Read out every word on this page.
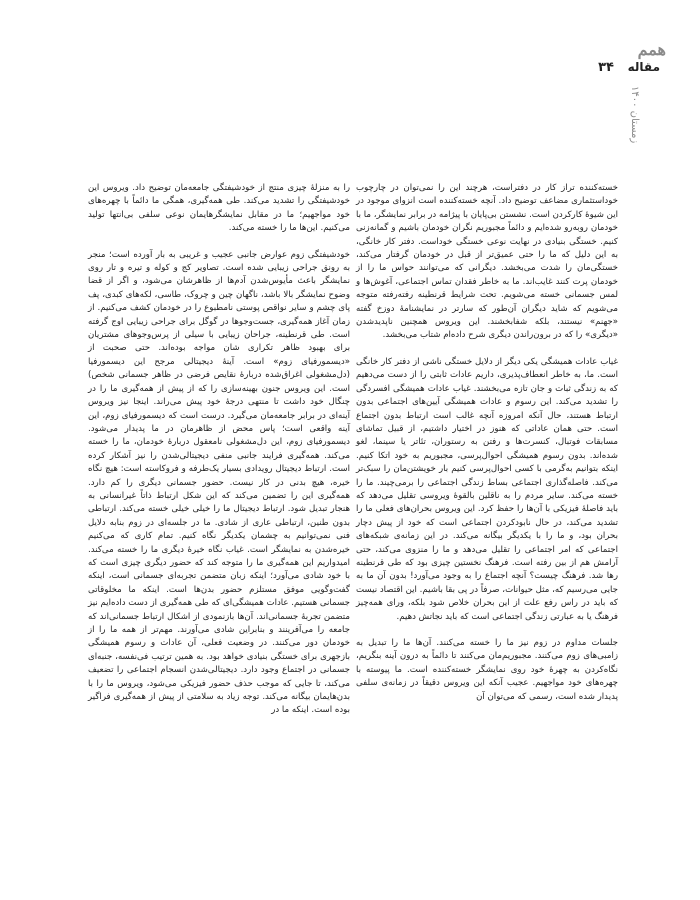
همم
۳۴ مقاله
زمستان ۱۴۰۰

خسته‌کننده تراز کار در دفتراست، هرچند این را نمی‌توان در چارچوب خوداستثماری مضاعف توضیح داد. آنچه خسته‌کننده است انزوای موجود در این شیوهٔ کارکردن است. نشستن بی‌پایان با پیژامه در برابر نمایشگر، ما با خودمان روبه‌رو شده‌ایم و دائماً مجبوریم نگران خودمان باشیم و گمانه‌زنی کنیم. خستگی بنیادی در نهایت نوعی خستگی خوداست. دفتر کار خانگی، به این دلیل که ما را حتی عمیق‌تر از قبل در خودمان گرفتار می‌کند، خستگی‌مان را شدت می‌بخشد. دیگرانی که می‌توانند حواس ما را از خودمان پرت کنند غایب‌اند. ما به خاطر فقدان تماس اجتماعی، آغوش‌ها و لمس جسمانی خسته می‌شویم. تحت شرایط قرنطینه رفته‌رفته متوجه می‌شویم که شاید دیگران آن‌طور که سارتر در نمایشنامهٔ دوزخ گفته «جهنم» نیستند، بلکه شفابخشند. این ویروس همچنین ناپدیدشدن «دیگری» را که در برون‌راندن دیگری شرح داده‌ام شتاب می‌بخشد.

غیاب عادات همیشگی یکی دیگر از دلایل خستگی ناشی از دفتر کار خانگی است. ما، به خاطر انعطاف‌پذیری، داریم عادات ثابتی را از دست می‌دهیم که به زندگی ثبات و جان تازه می‌بخشند. غیاب عادات همیشگی افسردگی را تشدید می‌کند. این رسوم و عادات همیشگی آیین‌های اجتماعی بدون ارتباط هستند، حال آنکه امروزه آنچه غالب است ارتباط بدون اجتماع است. حتی همان عاداتی که هنوز در اختیار داشتیم، از قبیل تماشای مسابقات فوتبال، کنسرت‌ها و رفتن به رستوران، تئاتر یا سینما، لغو شده‌اند. بدون رسوم همیشگی احوال‌پرسی، مجبوریم به خود اتکا کنیم. اینکه بتوانیم به‌گرمی با کسی احوال‌پرسی کنیم بار خویشتن‌مان را سبک‌تر می‌کند. فاصله‌گذاری اجتماعی بساط زندگی اجتماعی را برمی‌چیند. ما را خسته می‌کند. سایر مردم را به ناقلین بالقوهٔ ویروسی تقلیل می‌دهد که باید فاصلهٔ فیزیکی با آن‌ها را حفظ کرد. این ویروس بحران‌های فعلی ما را تشدید می‌کند، در حال نابودکردن اجتماعی است که خود از پیش دچار بحران بود، و ما را با یکدیگر بیگانه می‌کند. در این زمانه‌ی شبکه‌های اجتماعی که امر اجتماعی را تقلیل می‌دهد و ما را منزوی می‌کند، حتی آرامش هم از بین رفته است. فرهنگ نخستین چیزی بود که طی قرنطینه رها شد. فرهنگ چیست؟ آنچه اجتماع را به وجود می‌آورد! بدون آن ما به جایی می‌رسیم که، مثل حیوانات، صرفاً در پی بقا باشیم. این اقتصاد نیست که باید در راس رفع علت از این بحران خلاص شود بلکه، ورای همه‌چیز فرهنگ یا به عبارتی زندگی اجتماعی است که باید نجاتش دهیم.

جلسات مداوم در زوم نیز ما را خسته می‌کنند. آن‌ها ما را تبدیل به زامبی‌های زوم می‌کنند. مجبوریم‌مان می‌کنند تا دائماً به درون آینه بنگریم، نگاه‌کردن به چهرهٔ خود روی نمایشگر خسته‌کننده است. ما پیوسته با چهره‌های خود مواجهیم. عجیب آنکه این ویروس دقیقاً در زمانه‌ی سلفی پدیدار شده است، رسمی که می‌توان آن

را به منزلهٔ چیزی منتج از خودشیفتگی جامعه‌مان توضیح داد. ویروس این خودشیفتگی را تشدید می‌کند. طی همه‌گیری، همگی ما دائماً با چهره‌های خود مواجهیم؛ ما در مقابل نمایشگرهایمان نوعی سلفی بی‌انتها تولید می‌کنیم. این‌ها ما را خسته می‌کند.

خودشیفتگی زوم عوارض جانبی عجیب و غریبی به بار آورده است؛ منجر به رونق جراحی زیبایی شده است. تصاویر کج و کوله و تیره و تار روی نمایشگر باعث مأیوس‌شدن آدم‌ها از ظاهرشان می‌شود، و اگر از قضا وضوح نمایشگر بالا باشد، ناگهان چین و چروک، طاسی، لکه‌های کبدی، پف پای چشم و سایر نواقص پوستی نامطبوع را در خودمان کشف می‌کنیم. از زمان آغاز همه‌گیری، جست‌وجوها در گوگل برای جراحی زیبایی اوج گرفته است. طی قرنطینه، جراحان زیبایی با سیلی از پرس‌وجوهای مشتریان برای بهبود ظاهر تکراری شان مواجه بوده‌اند. حتی صحبت از «دیسمورفیای زوم» است. آینهٔ دیجیتالی مرجح این دیسمورفیا (دل‌مشغولی اغراق‌شده دربارهٔ نقایص فرضی در ظاهر جسمانی شخص) است. این ویروس جنون بهینه‌سازی را که از پیش از همه‌گیری ما را در چنگال خود داشت تا منتهی درجهٔ خود پیش می‌راند. اینجا نیز ویروس آینه‌ای در برابر جامعه‌مان می‌گیرد. درست است که دیسمورفیای زوم، این آینه واقعی است؛ پاس محض از ظاهرمان در ما پدیدار می‌شود. دیسمورفیای زوم، این دل‌مشغولی نامعقول دربارهٔ خودمان، ما را خسته می‌کند. همه‌گیری فرایند جانبی منفی دیجیتالی‌شدن را نیز آشکار کرده است. ارتباط دیجیتال رویدادی بسیار یک‌طرفه و فروکاسته است: هیچ نگاه خیره، هیچ بدنی در کار نیست. حضور جسمانی دیگری را کم دارد. همه‌گیری این را تضمین می‌کند که این شکل ارتباط ذاتاً غیرانسانی به هنجار تبدیل شود. ارتباط دیجیتال ما را خیلی خیلی خسته می‌کند. ارتباطی بدون طنین، ارتباطی عاری از شادی. ما در جلسه‌ای در زوم بنابه دلایل فنی نمی‌توانیم به چشمان یکدیگر نگاه کنیم. تمام کاری که می‌کنیم خیره‌شدن به نمایشگر است. غیاب نگاه خیرهٔ دیگری ما را خسته می‌کند. امیدواریم این همه‌گیری ما را متوجه کند که حضور دیگری چیزی است که با خود شادی می‌آورد؛ اینکه زبان متضمن تجربه‌ای جسمانی است، اینکه گفت‌وگویی موفق مستلزم حضور بدن‌ها است. اینکه ما مخلوقاتی جسمانی هستیم. عادات همیشگی‌ای که طی همه‌گیری از دست داده‌ایم نیز متضمن تجربهٔ جسمانی‌اند. آن‌ها بازنمودی از اشکال ارتباط جسمانی‌اند که جامعه را می‌آفرینند و بنابراین شادی می‌آورند. مهم‌تر از همه ما را از خودمان دور می‌کنند. در وضعیت فعلی، آن عادات و رسوم همیشگی بازجهری برای خستگی بنیادی خواهد بود. به همین ترتیب فی‌نفسه، جنبه‌ای جسمانی در اجتماع وجود دارد. دیجیتالی‌شدن انسجام اجتماعی را تضعیف می‌کند، تا جایی که موجب حذف حضور فیزیکی می‌شود، ویروس ما را با بدن‌هایمان بیگانه می‌کند. توجه زیاد به سلامتی از پیش از همه‌گیری فراگیر بوده است. اینکه ما در
